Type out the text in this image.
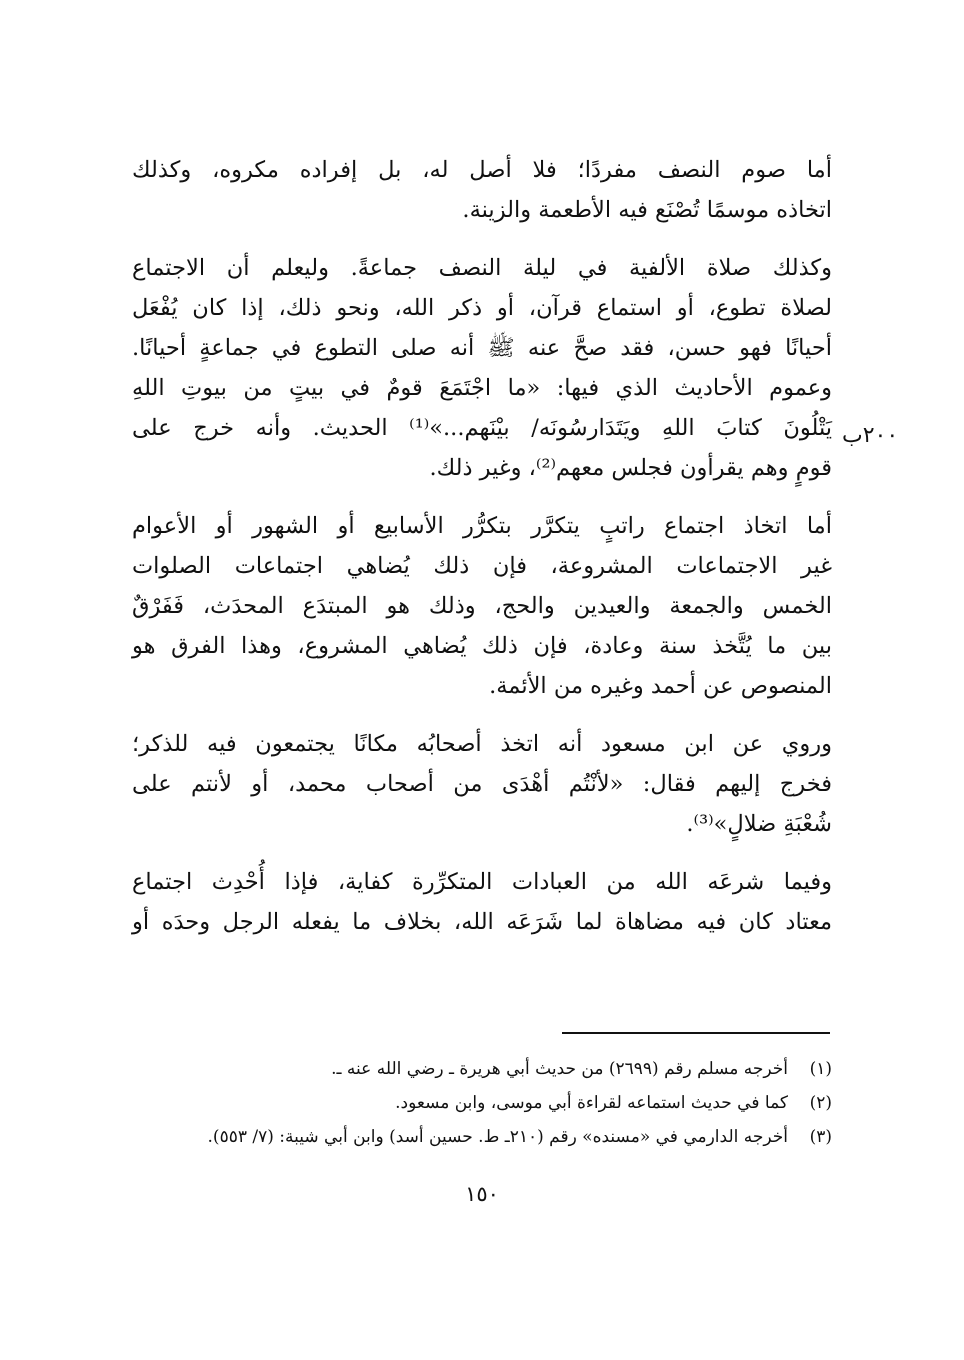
٢٠٠ب

أما صوم النصف مفردًا؛ فلا أصل له، بل إفراده مكروه، وكذلك
اتخاذه موسمًا تُصْنَع فيه الأطعمة والزينة.

وكذلك صلاة الألفية في ليلة النصف جماعةً. وليعلم أن الاجتماع
لصلاة تطوع، أو استماع قرآن، أو ذكر الله، ونحو ذلك، إذا كان يُفْعَل
أحيانًا فهو حسن، فقد صحَّ عنه ﷺ أنه صلى التطوع في جماعةٍ أحيانًا.
وعموم الأحاديث الذي فيها: «ما اجْتَمَعَ قومٌ في بيتٍ من بيوتِ اللهِ
يَتْلُونَ كتابَ اللهِ ويَتَدَارسُونَه/ بيْنَهم...»⁽¹⁾ الحديث. وأنه خرج على
قومٍ وهم يقرأون فجلس معهم⁽²⁾، وغير ذلك.

أما اتخاذ اجتماع راتبٍ يتكرَّر بتكرُّر الأسابيع أو الشهور أو الأعوام
غير الاجتماعات المشروعة، فإن ذلك يُضاهي اجتماعات الصلوات
الخمس والجمعة والعيدين والحج، وذلك هو المبتدَع المحدَث، فَفَرْقٌ
بين ما يُتَّخذ سنة وعادة، فإن ذلك يُضاهي المشروع، وهذا الفرق هو
المنصوص عن أحمد وغيره من الأئمة.

وروي عن ابن مسعود أنه اتخذ أصحابُه مكانًا يجتمعون فيه للذكر؛
فخرج إليهم فقال: «لأنْتُم أهْدَى من أصحاب محمد، أو لأنتم على
شُعْبَةِ ضلالٍ»⁽³⁾.

وفيما شرعَه الله من العبادات المتكرِّرة كفاية، فإذا أُحْدِث اجتماع
معتاد كان فيه مضاهاة لما شَرَعَه الله، بخلاف ما يفعله الرجل وحدَه أو

(١)أخرجه مسلم رقم (٢٦٩٩) من حديث أبي هريرة ـ رضي الله عنه ـ.
(٢)كما في حديث استماعه لقراءة أبي موسى، وابن مسعود.
(٣)أخرجه الدارمي في «مسنده» رقم (٢١٠ـ ط. حسين أسد) وابن أبي شيبة: (٧/ ٥٥٣).
١٥٠
